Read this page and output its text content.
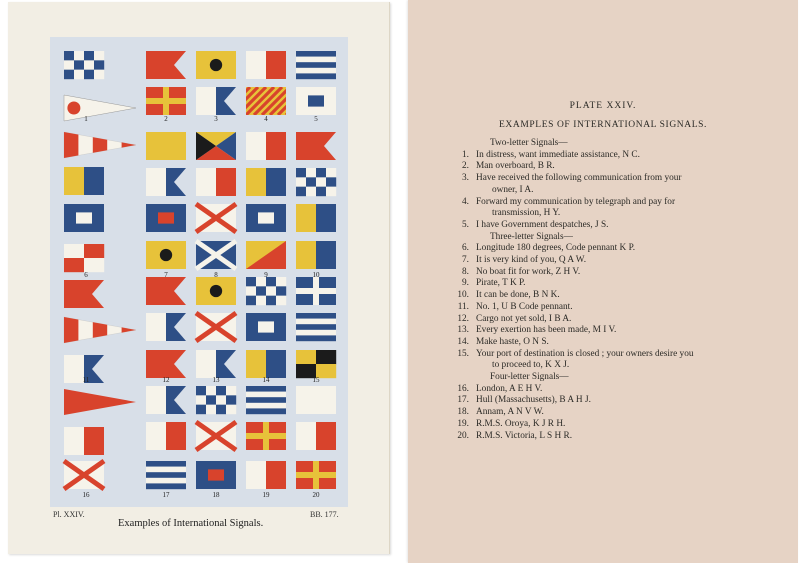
1	2	3	4	5
6	7	8	9	10
11	12	13	14	15
16	17	18	19	20
Pl. XXIV.	BB. 177.
Examples of International Signals.
PLATE XXIV.
EXAMPLES OF INTERNATIONAL SIGNALS.
Two-letter Signals—
1. In distress, want immediate assistance, N C.
2. Man overboard, B R.
3. Have received the following communication from your
owner, I A.
4. Forward my communication by telegraph and pay for
transmission, H Y.
5. I have Government despatches, J S.
Three-letter Signals—
6. Longitude 180 degrees, Code pennant K P.
7. It is very kind of you, Q A W.
8. No boat fit for work, Z H V.
9. Pirate, T K P.
10. It can be done, B N K.
11. No. 1, U B Code pennant.
12. Cargo not yet sold, I B A.
13. Every exertion has been made, M I V.
14. Make haste, O N S.
15. Your port of destination is closed ; your owners desire you
to proceed to, K X J.
Four-letter Signals—
16. London, A E H V.
17. Hull (Massachusetts), B A H J.
18. Annam, A N V W.
19. R.M.S. Oroya, K J R H.
20. R.M.S. Victoria, L S H R.
